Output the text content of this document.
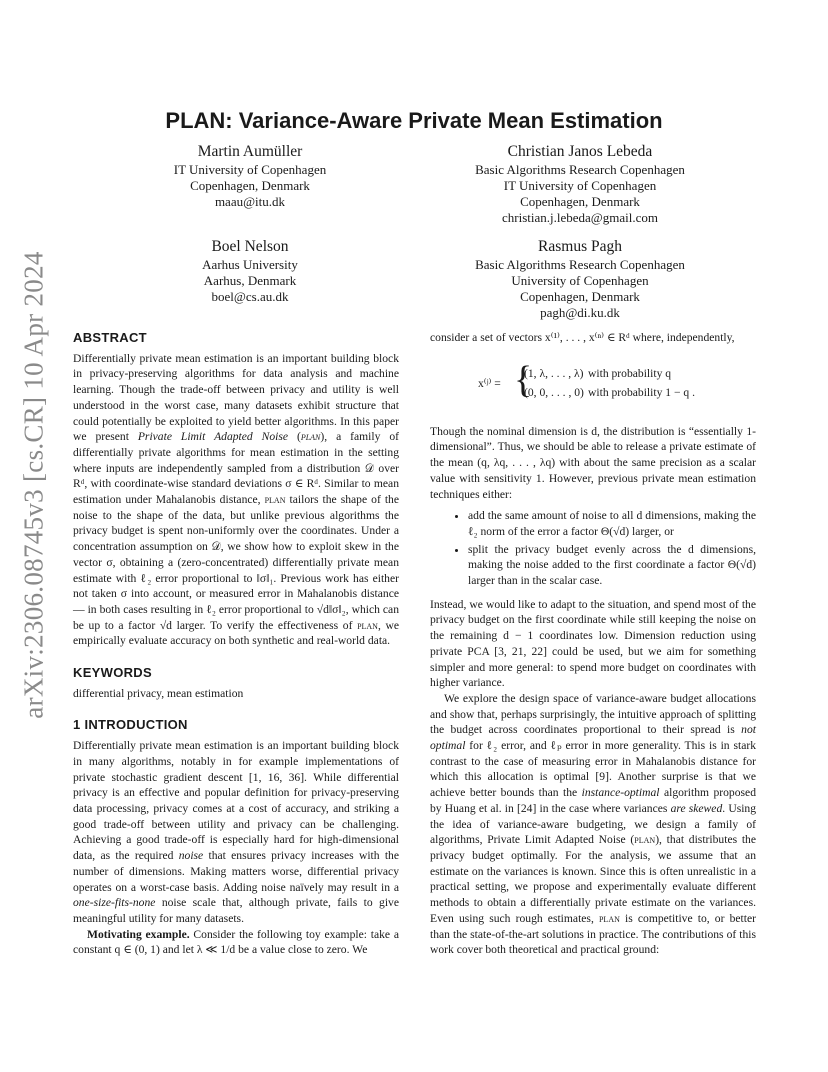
arXiv:2306.08745v3 [cs.CR] 10 Apr 2024
PLAN: Variance-Aware Private Mean Estimation
Martin Aumüller
IT University of Copenhagen
Copenhagen, Denmark
maau@itu.dk
Christian Janos Lebeda
Basic Algorithms Research Copenhagen
IT University of Copenhagen
Copenhagen, Denmark
christian.j.lebeda@gmail.com
Boel Nelson
Aarhus University
Aarhus, Denmark
boel@cs.au.dk
Rasmus Pagh
Basic Algorithms Research Copenhagen
University of Copenhagen
Copenhagen, Denmark
pagh@di.ku.dk
ABSTRACT

Differentially private mean estimation is an important building block in privacy-preserving algorithms for data analysis and machine learning. Though the trade-off between privacy and utility is well understood in the worst case, many datasets exhibit structure that could potentially be exploited to yield better algorithms. In this paper we present Private Limit Adapted Noise (plan), a family of differentially private algorithms for mean estimation in the setting where inputs are independently sampled from a distribution 𝒟 over Rᵈ, with coordinate-wise standard deviations σ ∈ Rᵈ. Similar to mean estimation under Mahalanobis distance, plan tailors the shape of the noise to the shape of the data, but unlike previous algorithms the privacy budget is spent non-uniformly over the coordinates. Under a concentration assumption on 𝒟, we show how to exploit skew in the vector σ, obtaining a (zero-concentrated) differentially private mean estimate with ℓ₂ error proportional to ‖σ‖₁. Previous work has either not taken σ into account, or measured error in Mahalanobis distance — in both cases resulting in ℓ₂ error proportional to √d‖σ‖₂, which can be up to a factor √d larger. To verify the effectiveness of plan, we empirically evaluate accuracy on both synthetic and real-world data.

KEYWORDS

differential privacy, mean estimation

1 INTRODUCTION

Differentially private mean estimation is an important building block in many algorithms, notably in for example implementations of private stochastic gradient descent [1, 16, 36]. While differential privacy is an effective and popular definition for privacy-preserving data processing, privacy comes at a cost of accuracy, and striking a good trade-off between utility and privacy can be challenging. Achieving a good trade-off is especially hard for high-dimensional data, as the required noise that ensures privacy increases with the number of dimensions. Making matters worse, differential privacy operates on a worst-case basis. Adding noise naïvely may result in a one-size-fits-none noise scale that, although private, fails to give meaningful utility for many datasets.

Motivating example. Consider the following toy example: take a constant q ∈ (0, 1) and let λ ≪ 1/d be a value close to zero. We

consider a set of vectors x⁽¹⁾, . . . , x⁽ⁿ⁾ ∈ Rᵈ where, independently,

x⁽ʲ⁾ = {
(1, λ, . . . , λ) with probability q
(0, 0, . . . , 0) with probability 1 − q .

Though the nominal dimension is d, the distribution is “essentially 1-dimensional”. Thus, we should be able to release a private estimate of the mean (q, λq, . . . , λq) with about the same precision as a scalar value with sensitivity 1. However, previous private mean estimation techniques either:

• add the same amount of noise to all d dimensions, making the ℓ₂ norm of the error a factor Θ(√d) larger, or
• split the privacy budget evenly across the d dimensions, making the noise added to the first coordinate a factor Θ(√d) larger than in the scalar case.

Instead, we would like to adapt to the situation, and spend most of the privacy budget on the first coordinate while still keeping the noise on the remaining d − 1 coordinates low. Dimension reduction using private PCA [3, 21, 22] could be used, but we aim for something simpler and more general: to spend more budget on coordinates with higher variance.

We explore the design space of variance-aware budget allocations and show that, perhaps surprisingly, the intuitive approach of splitting the budget across coordinates proportional to their spread is not optimal for ℓ₂ error, and ℓₚ error in more generality. This is in stark contrast to the case of measuring error in Mahalanobis distance for which this allocation is optimal [9]. Another surprise is that we achieve better bounds than the instance-optimal algorithm proposed by Huang et al. in [24] in the case where variances are skewed. Using the idea of variance-aware budgeting, we design a family of algorithms, Private Limit Adapted Noise (plan), that distributes the privacy budget optimally. For the analysis, we assume that an estimate on the variances is known. Since this is often unrealistic in a practical setting, we propose and experimentally evaluate different methods to obtain a differentially private estimate on the variances. Even using such rough estimates, plan is competitive to, or better than the state-of-the-art solutions in practice. The contributions of this work cover both theoretical and practical ground:
